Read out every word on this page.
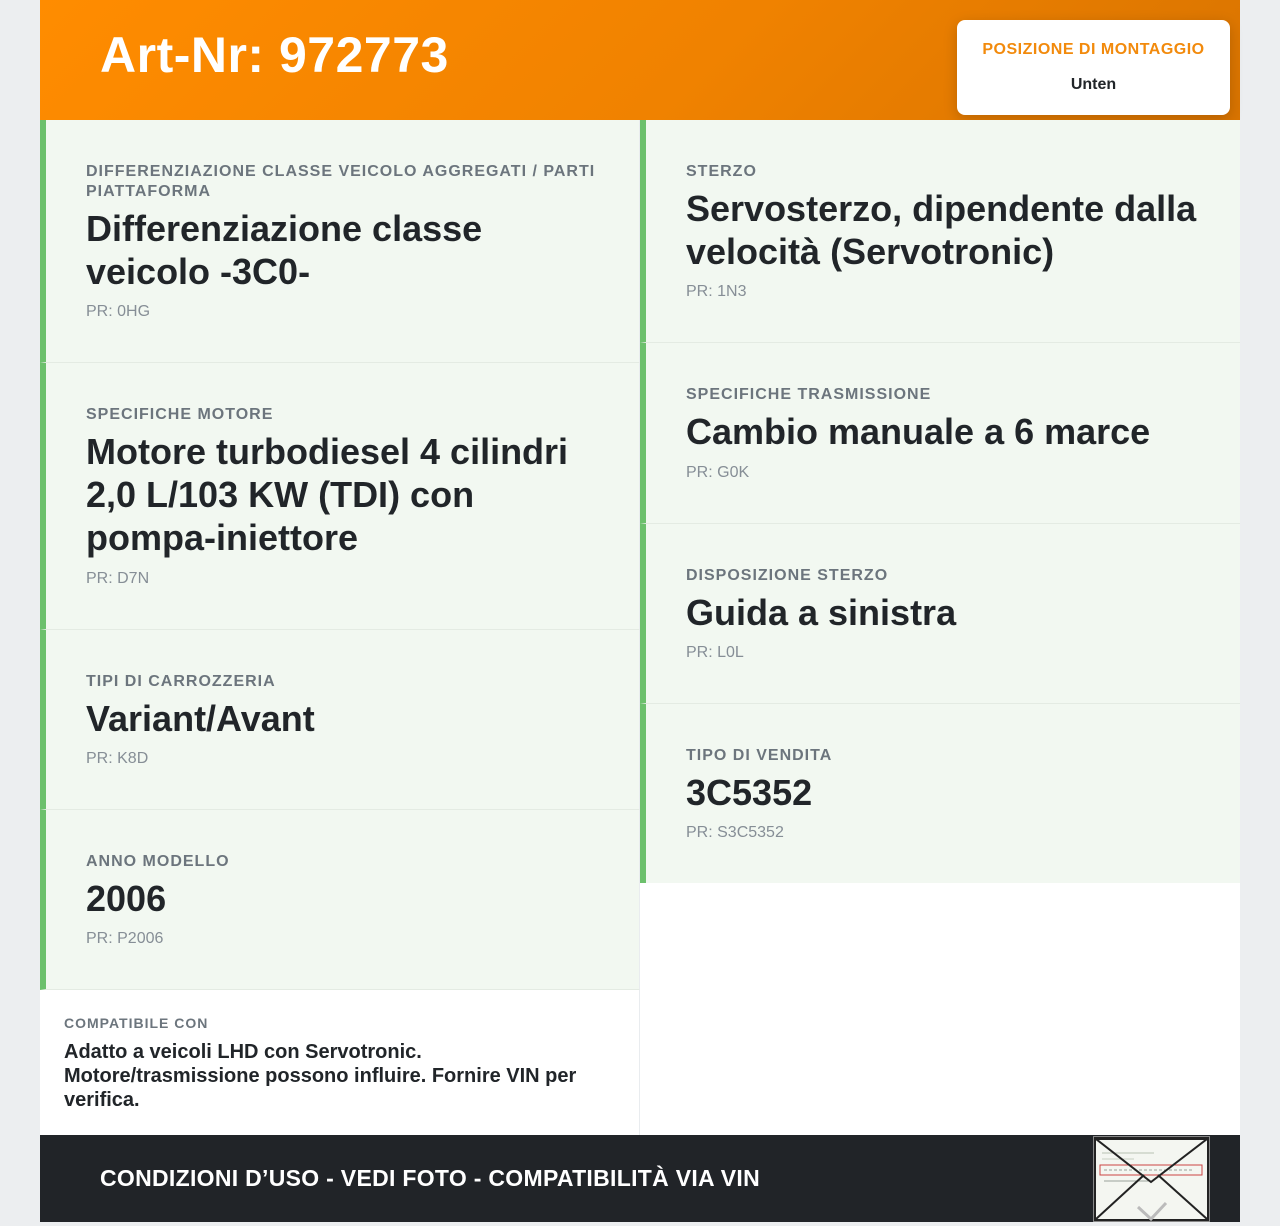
Art-Nr: 972773	POSIZIONE DI MONTAGGIO
Unten
DIFFERENZIAZIONE CLASSE VEICOLO AGGREGATI / PARTI PIATTAFORMA
Differenziazione classe veicolo -3C0-
PR: 0HG
SPECIFICHE MOTORE
Motore turbodiesel 4 cilindri 2,0 L/103 KW (TDI) con pompa-iniettore
PR: D7N
TIPI DI CARROZZERIA
Variant/Avant
PR: K8D
ANNO MODELLO
2006
PR: P2006
STERZO
Servosterzo, dipendente dalla velocità (Servotronic)
PR: 1N3
SPECIFICHE TRASMISSIONE
Cambio manuale a 6 marce
PR: G0K
DISPOSIZIONE STERZO
Guida a sinistra
PR: L0L
TIPO DI VENDITA
3C5352
PR: S3C5352
COMPATIBILE CON
Adatto a veicoli LHD con Servotronic. Motore/trasmissione possono influire. Fornire VIN per verifica.
CONDIZIONI D’USO - VEDI FOTO - COMPATIBILITÀ VIA VIN
